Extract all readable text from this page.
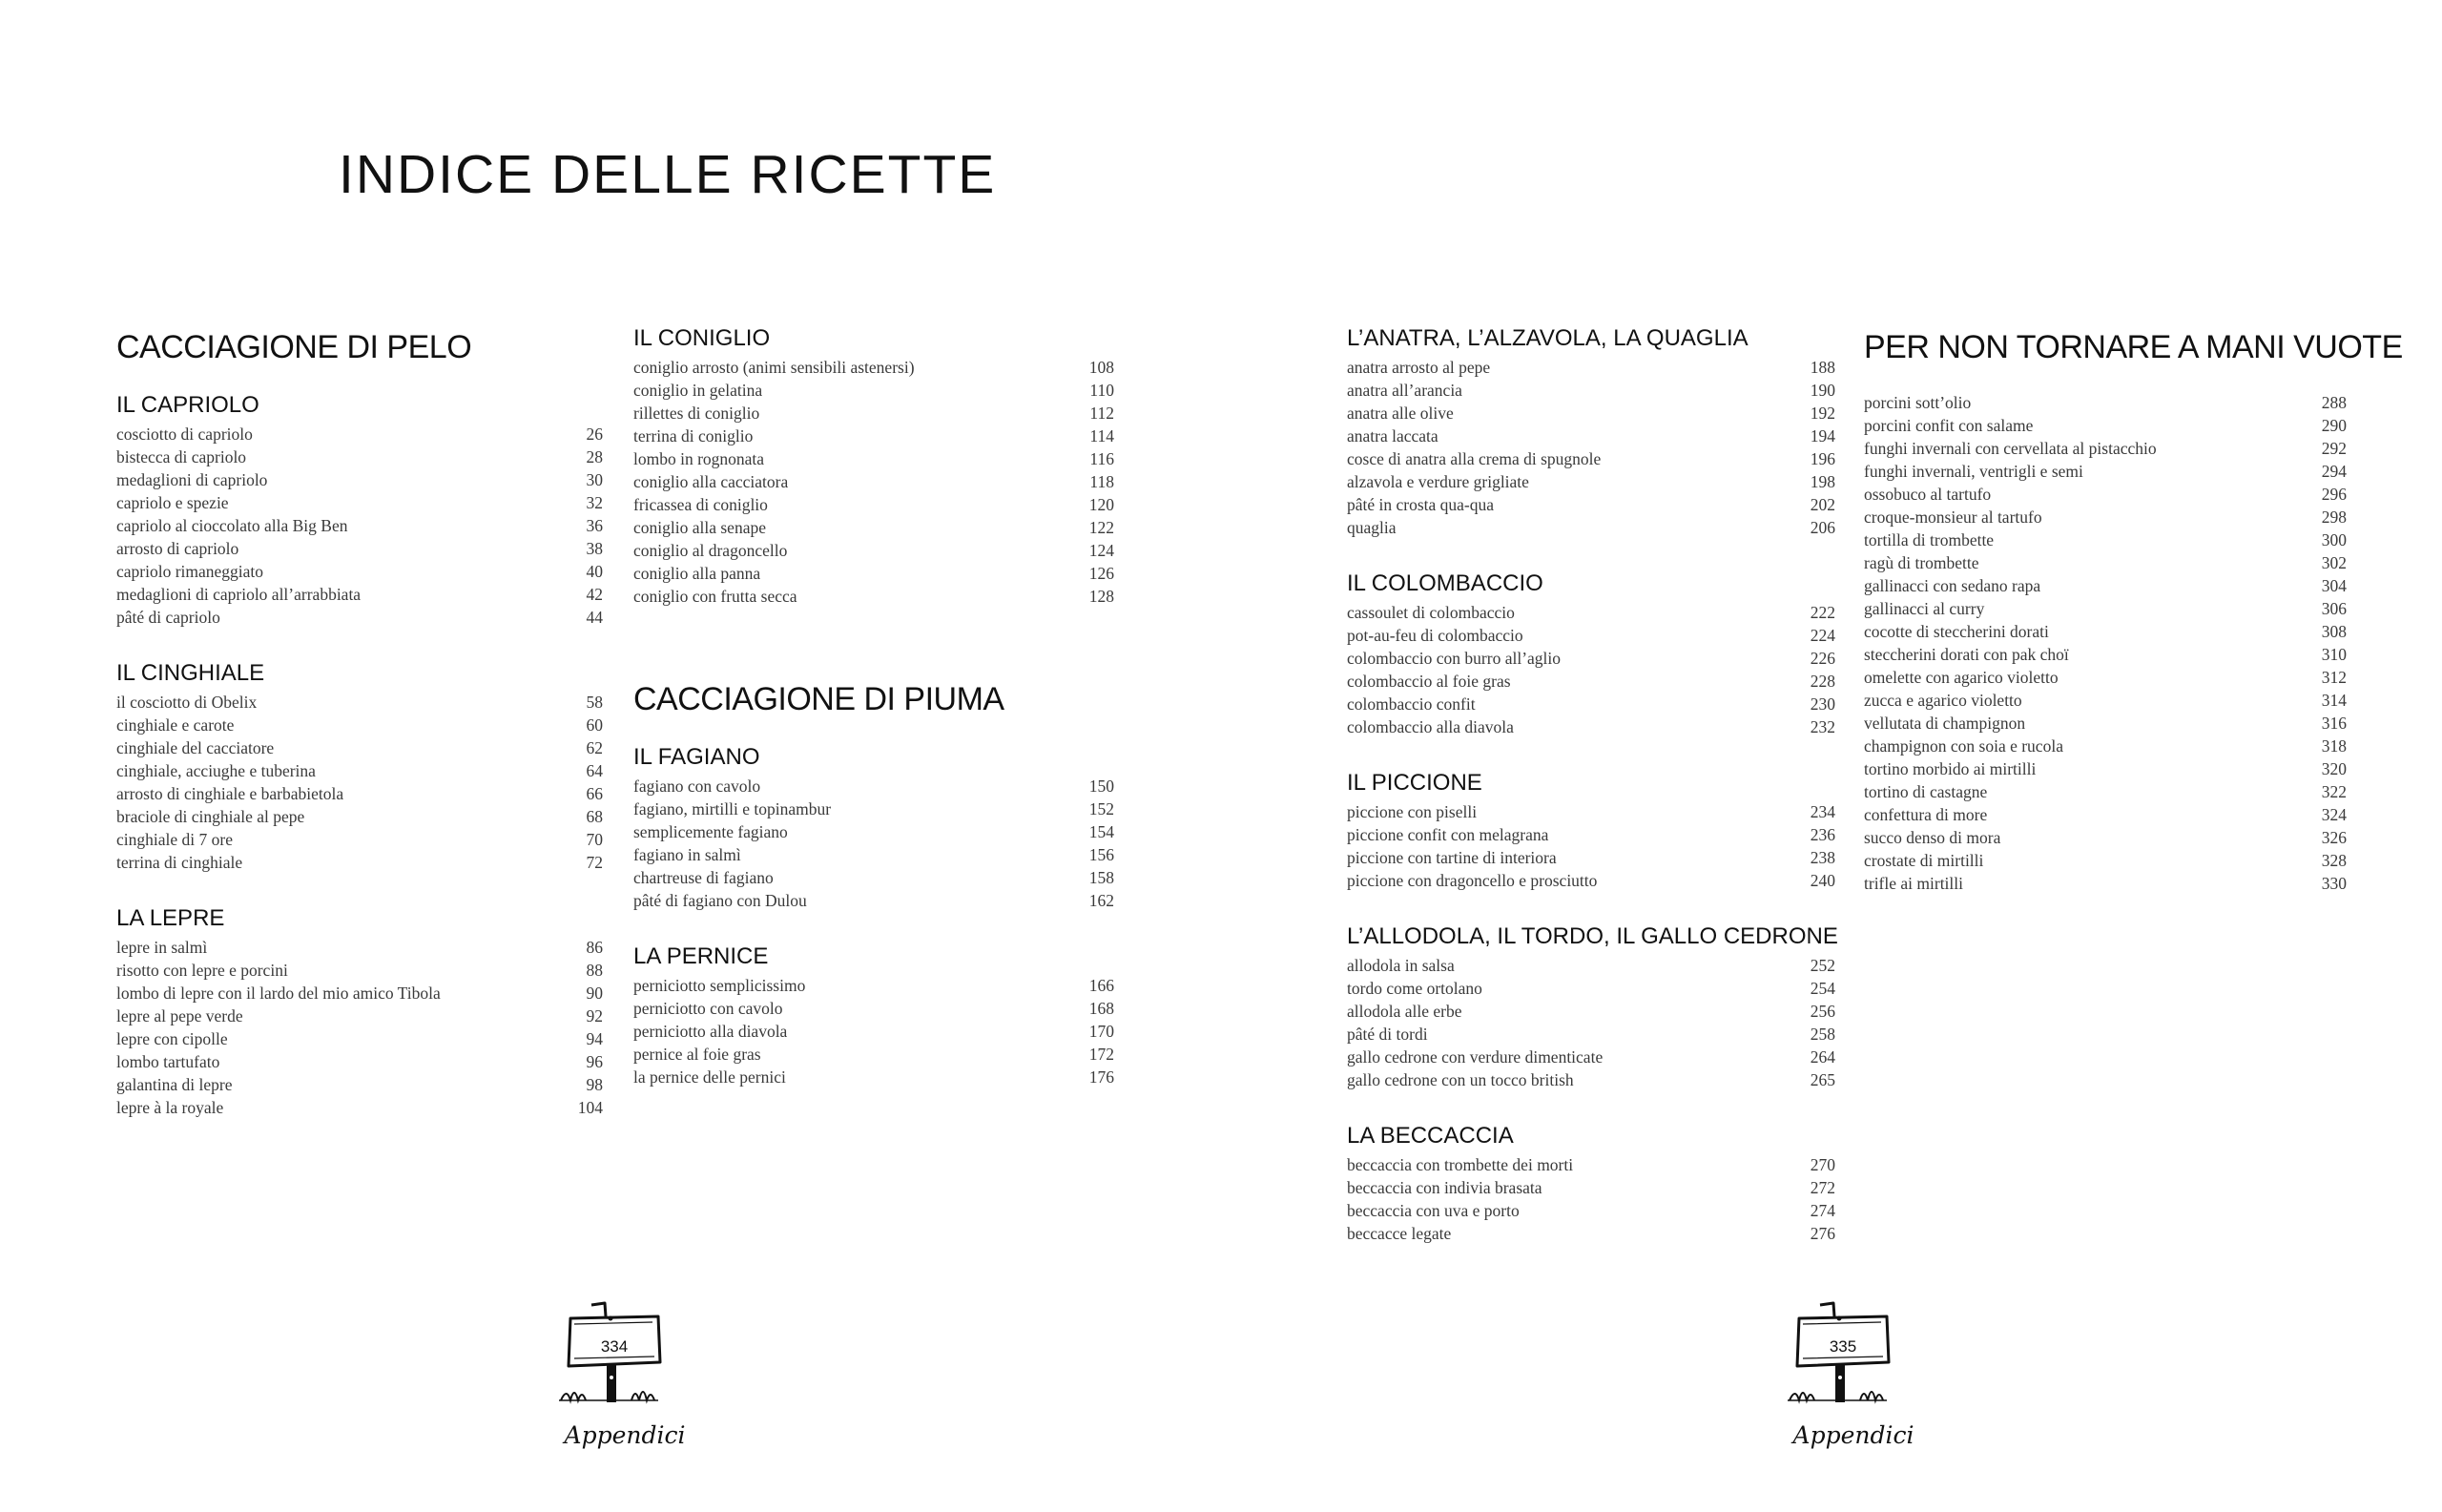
INDICE DELLE RICETTE
CACCIAGIONE DI PELO
IL CAPRIOLO
cosciotto di capriolo	26
bistecca di capriolo	28
medaglioni di capriolo	30
capriolo e spezie	32
capriolo al cioccolato alla Big Ben	36
arrosto di capriolo	38
capriolo rimaneggiato	40
medaglioni di capriolo all’arrabbiata	42
pâté di capriolo	44
IL CINGHIALE
il cosciotto di Obelix	58
cinghiale e carote	60
cinghiale del cacciatore	62
cinghiale, acciughe e tuberina	64
arrosto di cinghiale e barbabietola	66
braciole di cinghiale al pepe	68
cinghiale di 7 ore	70
terrina di cinghiale	72
LA LEPRE
lepre in salmì	86
risotto con lepre e porcini	88
lombo di lepre con il lardo del mio amico Tibola	90
lepre al pepe verde	92
lepre con cipolle	94
lombo tartufato	96
galantina di lepre	98
lepre à la royale	104
IL CONIGLIO
coniglio arrosto (animi sensibili astenersi)	108
coniglio in gelatina	110
rillettes di coniglio	112
terrina di coniglio	114
lombo in rognonata	116
coniglio alla cacciatora	118
fricassea di coniglio	120
coniglio alla senape	122
coniglio al dragoncello	124
coniglio alla panna	126
coniglio con frutta secca	128
CACCIAGIONE DI PIUMA
IL FAGIANO
fagiano con cavolo	150
fagiano, mirtilli e topinambur	152
semplicemente fagiano	154
fagiano in salmì	156
chartreuse di fagiano	158
pâté di fagiano con Dulou	162
LA PERNICE
perniciotto semplicissimo	166
perniciotto con cavolo	168
perniciotto alla diavola	170
pernice al foie gras	172
la pernice delle pernici	176
L’ANATRA, L’ALZAVOLA, LA QUAGLIA
anatra arrosto al pepe	188
anatra all’arancia	190
anatra alle olive	192
anatra laccata	194
cosce di anatra alla crema di spugnole	196
alzavola e verdure grigliate	198
pâté in crosta qua-qua	202
quaglia	206
IL COLOMBACCIO
cassoulet di colombaccio	222
pot-au-feu di colombaccio	224
colombaccio con burro all’aglio	226
colombaccio al foie gras	228
colombaccio confit	230
colombaccio alla diavola	232
IL PICCIONE
piccione con piselli	234
piccione confit con melagrana	236
piccione con tartine di interiora	238
piccione con dragoncello e prosciutto	240
L’ALLODOLA, IL TORDO, IL GALLO CEDRONE
allodola in salsa	252
tordo come ortolano	254
allodola alle erbe	256
pâté di tordi	258
gallo cedrone con verdure dimenticate	264
gallo cedrone con un tocco british	265
LA BECCACCIA
beccaccia con trombette dei morti	270
beccaccia con indivia brasata	272
beccaccia con uva e porto	274
beccacce legate	276
PER NON TORNARE A MANI VUOTE
porcini sott’olio	288
porcini confit con salame	290
funghi invernali con cervellata al pistacchio	292
funghi invernali, ventrigli e semi	294
ossobuco al tartufo	296
croque-monsieur al tartufo	298
tortilla di trombette	300
ragù di trombette	302
gallinacci con sedano rapa	304
gallinacci al curry	306
cocotte di steccherini dorati	308
steccherini dorati con pak choï	310
omelette con agarico violetto	312
zucca e agarico violetto	314
vellutata di champignon	316
champignon con soia e rucola	318
tortino morbido ai mirtilli	320
tortino di castagne	322
confettura di more	324
succo denso di mora	326
crostate di mirtilli	328
trifle ai mirtilli	330
334
Appendici
335
Appendici
